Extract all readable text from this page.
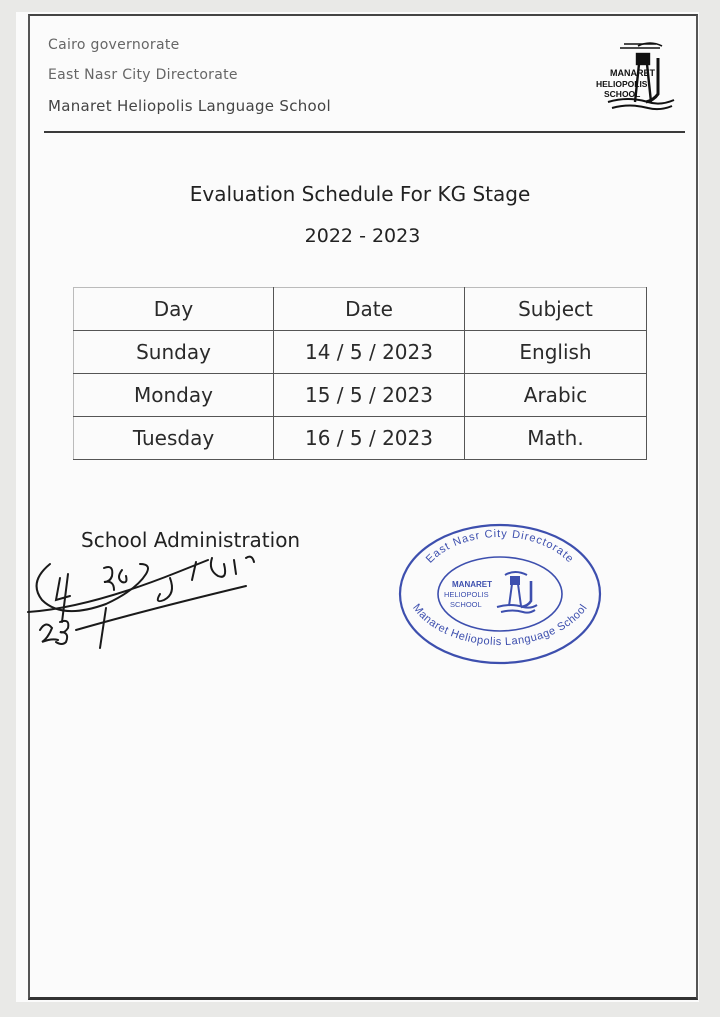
Cairo governorate
East Nasr City Directorate
Manaret Heliopolis Language School
MANARET
HELIOPOLIS
SCHOOL
Evaluation Schedule For KG Stage
2022 - 2023
Day	Date	Subject
Sunday	14 / 5 / 2023	English
Monday	15 / 5 / 2023	Arabic
Tuesday	16 / 5 / 2023	Math.
School Administration
East Nasr City Directorate
Manaret Heliopolis Language School
MANARET
HELIOPOLIS
SCHOOL
